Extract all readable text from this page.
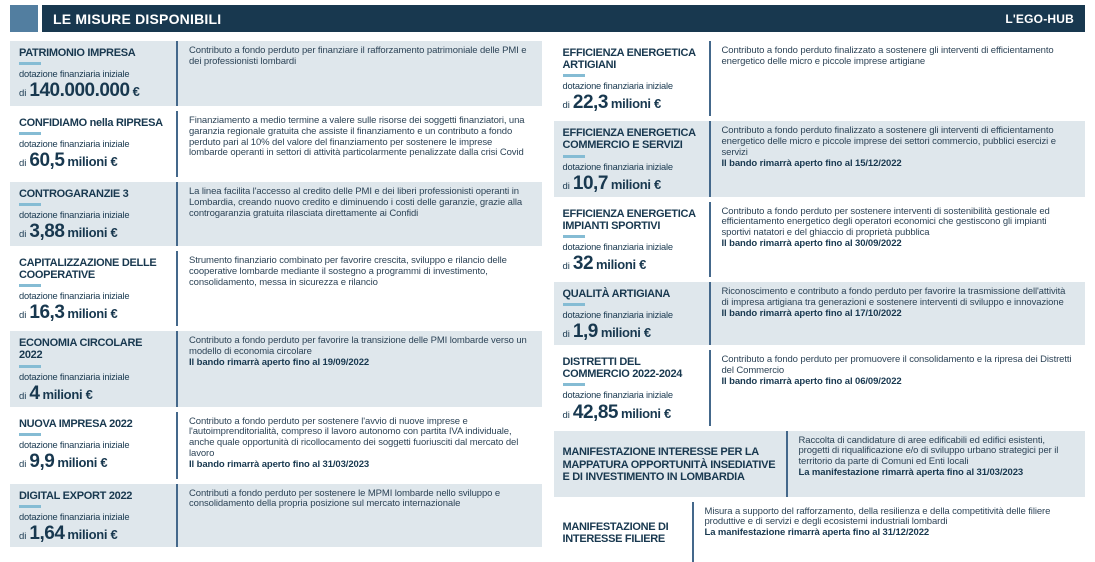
LE MISURE DISPONIBILI	L'EGO-HUB
PATRIMONIO IMPRESA
dotazione finanziaria iniziale
di 140.000.000 €
Contributo a fondo perduto per finanziare il rafforzamento patrimoniale delle PMI e dei professionisti lombardi
CONFIDIAMO nella RIPRESA
dotazione finanziaria iniziale
di 60,5 milioni €
Finanziamento a medio termine a valere sulle risorse dei soggetti finanziatori, una garanzia regionale gratuita che assiste il finanziamento e un contributo a fondo perduto pari al 10% del valore del finanziamento per sostenere le imprese lombarde operanti in settori di attività particolarmente penalizzate dalla crisi Covid
CONTROGARANZIE 3
dotazione finanziaria iniziale
di 3,88 milioni €
La linea facilita l'accesso al credito delle PMI e dei liberi professionisti operanti in Lombardia, creando nuovo credito e diminuendo i costi delle garanzie, grazie alla controgaranzia gratuita rilasciata direttamente ai Confidi
CAPITALIZZAZIONE DELLE COOPERATIVE
dotazione finanziaria iniziale
di 16,3 milioni €
Strumento finanziario combinato per favorire crescita, sviluppo e rilancio delle cooperative lombarde mediante il sostegno a programmi di investimento, consolidamento, messa in sicurezza e rilancio
ECONOMIA CIRCOLARE 2022
dotazione finanziaria iniziale
di 4 milioni €
Contributo a fondo perduto per favorire la transizione delle PMI lombarde verso un modello di economia circolare
Il bando rimarrà aperto fino al 19/09/2022
NUOVA IMPRESA 2022
dotazione finanziaria iniziale
di 9,9 milioni €
Contributo a fondo perduto per sostenere l'avvio di nuove imprese e l'autoimprenditorialità, compreso il lavoro autonomo con partita IVA individuale, anche quale opportunità di ricollocamento dei soggetti fuoriusciti dal mercato del lavoro
Il bando rimarrà aperto fino al 31/03/2023
DIGITAL EXPORT 2022
dotazione finanziaria iniziale
di 1,64 milioni €
Contributi a fondo perduto per sostenere le MPMI lombarde nello sviluppo e consolidamento della propria posizione sul mercato internazionale
EFFICIENZA ENERGETICA ARTIGIANI
dotazione finanziaria iniziale
di 22,3 milioni €
Contributo a fondo perduto finalizzato a sostenere gli interventi di efficientamento energetico delle micro e piccole imprese artigiane
EFFICIENZA ENERGETICA COMMERCIO E SERVIZI
dotazione finanziaria iniziale
di 10,7 milioni €
Contributo a fondo perduto finalizzato a sostenere gli interventi di efficientamento energetico delle micro e piccole imprese dei settori commercio, pubblici esercizi e servizi
Il bando rimarrà aperto fino al 15/12/2022
EFFICIENZA ENERGETICA IMPIANTI SPORTIVI
dotazione finanziaria iniziale
di 32 milioni €
Contributo a fondo perduto per sostenere interventi di sostenibilità gestionale ed efficientamento energetico degli operatori economici che gestiscono gli impianti sportivi natatori e del ghiaccio di proprietà pubblica
Il bando rimarrà aperto fino al 30/09/2022
QUALITÀ ARTIGIANA
dotazione finanziaria iniziale
di 1,9 milioni €
Riconoscimento e contributo a fondo perduto per favorire la trasmissione dell'attività di impresa artigiana tra generazioni e sostenere interventi di sviluppo e innovazione
Il bando rimarrà aperto fino al 17/10/2022
DISTRETTI DEL COMMERCIO 2022-2024
dotazione finanziaria iniziale
di 42,85 milioni €
Contributo a fondo perduto per promuovere il consolidamento e la ripresa dei Distretti del Commercio
Il bando rimarrà aperto fino al 06/09/2022
MANIFESTAZIONE INTERESSE PER LA MAPPATURA OPPORTUNITÀ INSEDIATIVE E DI INVESTIMENTO IN LOMBARDIA
Raccolta di candidature di aree edificabili ed edifici esistenti, progetti di riqualificazione e/o di sviluppo urbano strategici per il territorio da parte di Comuni ed Enti locali
La manifestazione rimarrà aperta fino al 31/03/2023
MANIFESTAZIONE DI INTERESSE FILIERE
Misura a supporto del rafforzamento, della resilienza e della competitività delle filiere produttive e di servizi e degli ecosistemi industriali lombardi
La manifestazione rimarrà aperta fino al 31/12/2022
